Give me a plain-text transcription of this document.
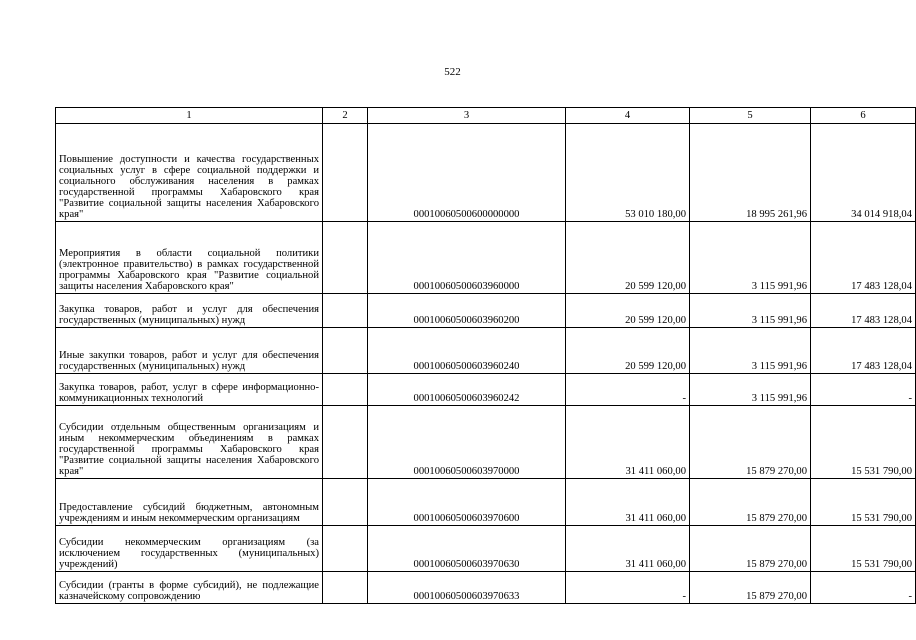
522
1	2	3	4	5	6
Повышение доступности и качества государственных социальных услуг в сфере социальной поддержки и социального обслуживания населения в рамках государственной программы Хабаровского края "Развитие социальной защиты населения Хабаровского края"		00010060500600000000	53 010 180,00	18 995 261,96	34 014 918,04
Мероприятия в области социальной политики (электронное правительство) в рамках государственной программы Хабаровского края "Развитие социальной защиты населения Хабаровского края"		00010060500603960000	20 599 120,00	3 115 991,96	17 483 128,04
Закупка товаров, работ и услуг для обеспечения государственных (муниципальных) нужд		00010060500603960200	20 599 120,00	3 115 991,96	17 483 128,04
Иные закупки товаров, работ и услуг для обеспечения государственных (муниципальных) нужд		00010060500603960240	20 599 120,00	3 115 991,96	17 483 128,04
Закупка товаров, работ, услуг в сфере информационно-коммуникационных технологий		00010060500603960242	-	3 115 991,96	-
Субсидии отдельным общественным организациям и иным некоммерческим объединениям в рамках государственной программы Хабаровского края "Развитие социальной защиты населения Хабаровского края"		00010060500603970000	31 411 060,00	15 879 270,00	15 531 790,00
Предоставление субсидий бюджетным, автономным учреждениям и иным некоммерческим организациям		00010060500603970600	31 411 060,00	15 879 270,00	15 531 790,00
Субсидии некоммерческим организациям (за исключением государственных (муниципальных) учреждений)		00010060500603970630	31 411 060,00	15 879 270,00	15 531 790,00
Субсидии (гранты в форме субсидий), не подлежащие казначейскому сопровождению		00010060500603970633	-	15 879 270,00	-
